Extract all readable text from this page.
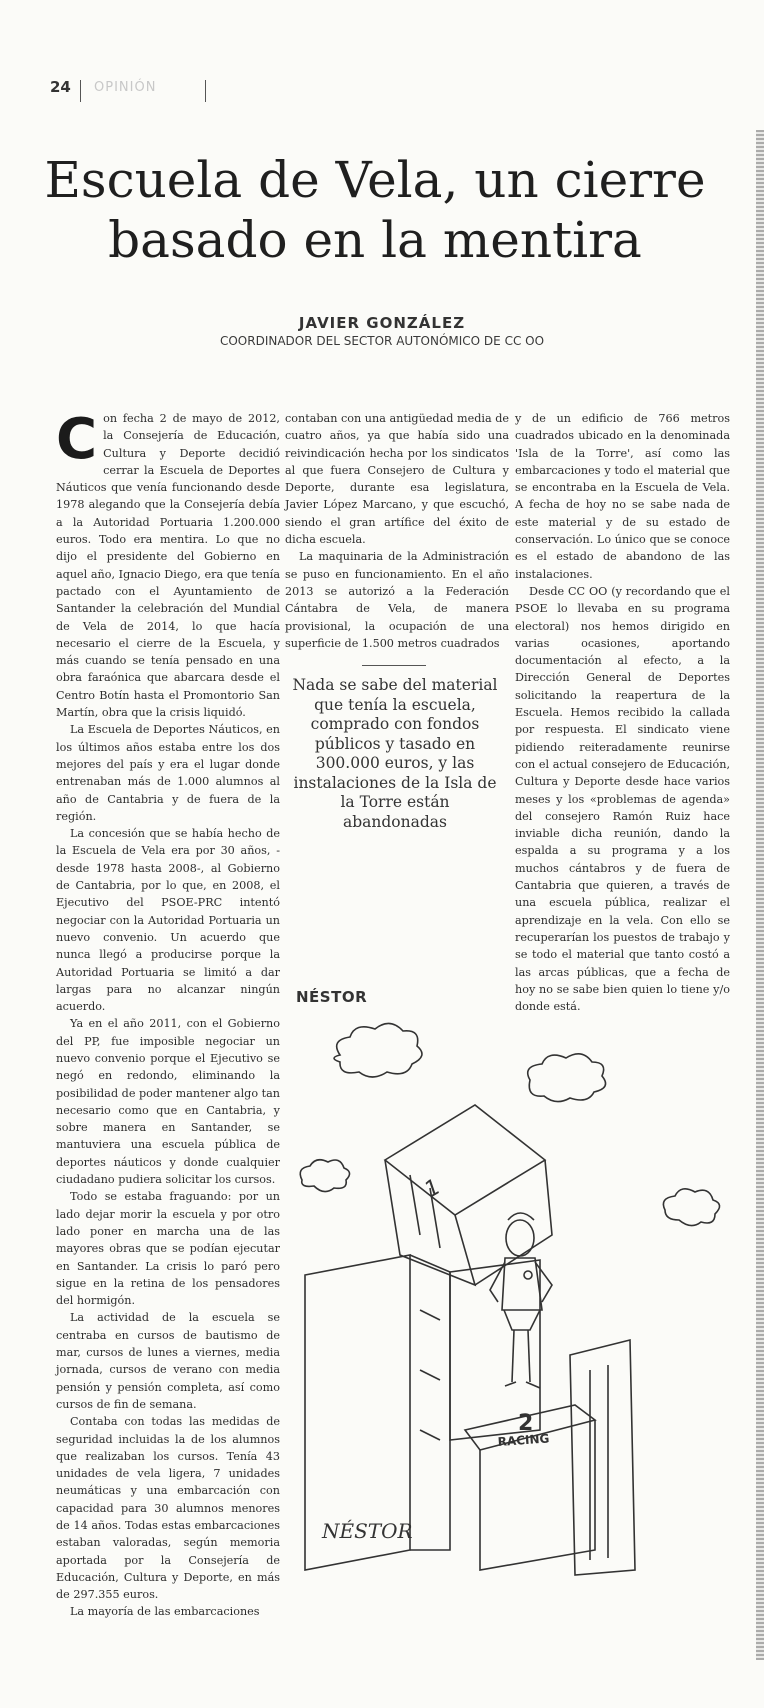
24 OPINIÓN
Escuela de Vela, un cierre
basado en la mentira
JAVIER GONZÁLEZ
COORDINADOR DEL SECTOR AUTONÓMICO DE CC OO

Con fecha 2 de mayo de 2012, la Consejería de Educación, Cultura y Deporte decidió cerrar la Escuela de Deportes Náuticos que venía funcionando desde 1978 alegando que la Consejería debía a la Autoridad Portuaria 1.200.000 euros. Todo era mentira. Lo que no dijo el presidente del Gobierno en aquel año, Ignacio Diego, era que tenía pactado con el Ayuntamiento de Santander la celebración del Mundial de Vela de 2014, lo que hacía necesario el cierre de la Escuela, y más cuando se tenía pensado en una obra faraónica que abarcara desde el Centro Botín hasta el Promontorio San Martín, obra que la crisis liquidó.

La Escuela de Deportes Náuticos, en los últimos años estaba entre los dos mejores del país y era el lugar donde entrenaban más de 1.000 alumnos al año de Cantabria y de fuera de la región.

La concesión que se había hecho de la Escuela de Vela era por 30 años, -desde 1978 hasta 2008-, al Gobierno de Cantabria, por lo que, en 2008, el Ejecutivo del PSOE-PRC intentó negociar con la Autoridad Portuaria un nuevo convenio. Un acuerdo que nunca llegó a producirse porque la Autoridad Portuaria se limitó a dar largas para no alcanzar ningún acuerdo.

Ya en el año 2011, con el Gobierno del PP, fue imposible negociar un nuevo convenio porque el Ejecutivo se negó en redondo, eliminando la posibilidad de poder mantener algo tan necesario como que en Cantabria, y sobre manera en Santander, se mantuviera una escuela pública de deportes náuticos y donde cualquier ciudadano pudiera solicitar los cursos.

Todo se estaba fraguando: por un lado dejar morir la escuela y por otro lado poner en marcha una de las mayores obras que se podían ejecutar en Santander. La crisis lo paró pero sigue en la retina de los pensadores del hormigón.

La actividad de la escuela se centraba en cursos de bautismo de mar, cursos de lunes a viernes, media jornada, cursos de verano con media pensión y pensión completa, así como cursos de fin de semana.

Contaba con todas las medidas de seguridad incluidas la de los alumnos que realizaban los cursos. Tenía 43 unidades de vela ligera, 7 unidades neumáticas y una embarcación con capacidad para 30 alumnos menores de 14 años. Todas estas embarcaciones estaban valoradas, según memoria aportada por la Consejería de Educación, Cultura y Deporte, en más de 297.355 euros.

La mayoría de las embarcaciones

contaban con una antigüedad media de cuatro años, ya que había sido una reivindicación hecha por los sindicatos al que fuera Consejero de Cultura y Deporte, durante esa legislatura, Javier López Marcano, y que escuchó, siendo el gran artífice del éxito de dicha escuela.

La maquinaria de la Administración se puso en funcionamiento. En el año 2013 se autorizó a la Federación Cántabra de Vela, de manera provisional, la ocupación de una superficie de 1.500 metros cuadrados

Nada se sabe del material que tenía la escuela, comprado con fondos públicos y tasado en 300.000 euros, y las instalaciones de la Isla de la Torre están abandonadas

y de un edificio de 766 metros cuadrados ubicado en la denominada 'Isla de la Torre', así como las embarcaciones y todo el material que se encontraba en la Escuela de Vela. A fecha de hoy no se sabe nada de este material y de su estado de conservación. Lo único que se conoce es el estado de abandono de las instalaciones.

Desde CC OO (y recordando que el PSOE lo llevaba en su programa electoral) nos hemos dirigido en varias ocasiones, aportando documentación al efecto, a la Dirección General de Deportes solicitando la reapertura de la Escuela. Hemos recibido la callada por respuesta. El sindicato viene pidiendo reiteradamente reunirse con el actual consejero de Educación, Cultura y Deporte desde hace varios meses y los «problemas de agenda» del consejero Ramón Ruiz hace inviable dicha reunión, dando la espalda a su programa y a los muchos cántabros y de fuera de Cantabria que quieren, a través de una escuela pública, realizar el aprendizaje en la vela. Con ello se recuperarían los puestos de trabajo y se todo el material que tanto costó a las arcas públicas, que a fecha de hoy no se sabe bien quien lo tiene y/o donde está.

NÉSTOR
1
2
RACING
NÉSTOR
